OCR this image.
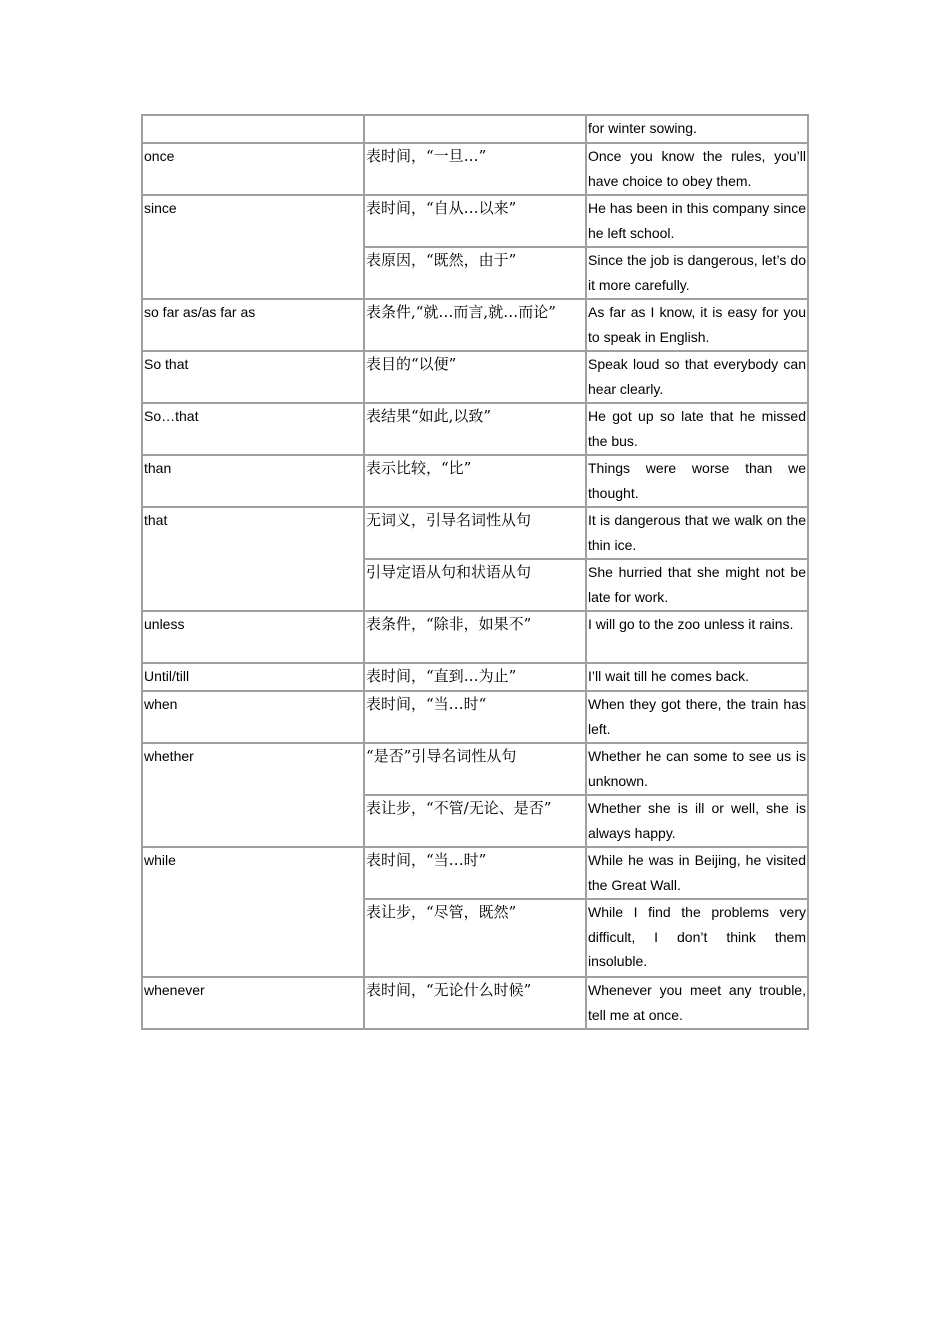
		for winter sowing.
once	表时间，“一旦…”	Once you know the rules, you’ll have choice to obey them.
since	表时间，“自从…以来”	He has been in this company since he left school.
	表原因，“既然，由于”	Since the job is dangerous, let’s do it more carefully.
so far as/as far as	表条件,“就…而言,就…而论”	As far as I know, it is easy for you to speak in English.
So that	表目的“以便”	Speak loud so that everybody can hear clearly.
So…that	表结果“如此,以致”	He got up so late that he missed the bus.
than	表示比较，“比”	Things were worse than we thought.
that	无词义，引导名词性从句	It is dangerous that we walk on the thin ice.
	引导定语从句和状语从句	She hurried that she might not be late for work.
unless	表条件，“除非，如果不”	I will go to the zoo unless it rains.
Until/till	表时间，“直到…为止”	I’ll wait till he comes back.
when	表时间，“当…时“	When they got there, the train has left.
whether	“是否”引导名词性从句	Whether he can some to see us is unknown.
	表让步，“不管/无论、是否”	Whether she is ill or well, she is always happy.
while	表时间，“当…时”	While he was in Beijing, he visited the Great Wall.
	表让步，“尽管，既然”	While I find the problems very difficult, I don’t think them insoluble.
whenever	表时间，“无论什么时候”	Whenever you meet any trouble, tell me at once.
